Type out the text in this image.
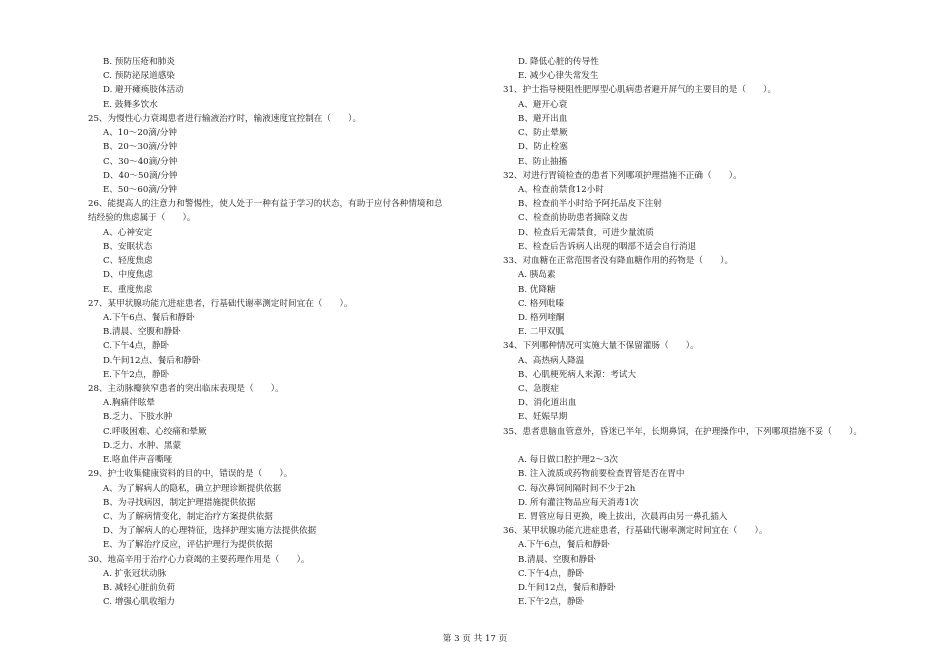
B. 预防压疮和肺炎
C. 预防泌尿道感染
D. 避开瘫痪肢体活动
E. 鼓舞多饮水
25、为慢性心力衰竭患者进行输液治疗时，输液速度宜控制在（　　）。
A、10～20滴/分钟
B、20～30滴/分钟
C、30～40滴/分钟
D、40～50滴/分钟
E、50～60滴/分钟
26、能提高人的注意力和警惕性，使人处于一种有益于学习的状态，有助于应付各种情境和总
结经验的焦虑属于（　　）。
A、心神安定
B、安眠状态
C、轻度焦虑
D、中度焦虑
E、重度焦虑
27、某甲状腺功能亢进症患者，行基础代谢率测定时间宜在（　　）。
A.下午6点、餐后和静卧
B.清晨、空腹和静卧
C.下午4点，静卧
D.午间12点、餐后和静卧
E.下午2点，静卧
28、主动脉瓣狭窄患者的突出临床表现是（　　）。
A.胸痛伴眩晕
B.乏力、下肢水肿
C.呼吸困难、心绞痛和晕厥
D.乏力、水肿、黑蒙
E.咯血伴声音嘶哑
29、护士收集健康资料的目的中，错误的是（　　）。
A、为了解病人的隐私，确立护理诊断提供依据
B、为寻找病因，制定护理措施提供依据
C、为了解病情变化，制定治疗方案提供依据
D、为了解病人的心理特征，选择护理实施方法提供依据
E、为了解治疗反应，评估护理行为提供依据
30、地高辛用于治疗心力衰竭的主要药理作用是（　　）。
A. 扩张冠状动脉
B. 减轻心脏前负荷
C. 增强心肌收缩力
D. 降低心脏的传导性
E. 减少心律失常发生
31、护士指导梗阻性肥厚型心肌病患者避开屏气的主要目的是（　　）。
A、避开心衰
B、避开出血
C、防止晕厥
D、防止栓塞
E、防止抽搐
32、对进行胃镜检查的患者下列哪项护理措施不正确（　　）。
A、检查前禁食12小时
B、检查前半小时给予阿托品皮下注射
C、检查前协助患者摘除义齿
D、检查后无需禁食，可进少量流质
E、检查后告诉病人出现的咽部不适会自行消退
33、对血糖在正常范围者没有降血糖作用的药物是（　　）。
A. 胰岛素
B. 优降糖
C. 格列吡嗪
D. 格列喹酮
E. 二甲双胍
34、下列哪种情况可实施大量不保留灌肠（　　）。
A、高热病人降温
B、心肌梗死病人来源：考试大
C、急腹症
D、消化道出血
E、妊娠早期
35、患者患脑血管意外，昏迷已半年，长期鼻饲，在护理操作中，下列哪项措施不妥（　　）。
A. 每日做口腔护理2～3次
B. 注入流质或药物前要检查胃管是否在胃中
C. 每次鼻饲间隔时间不少于2h
D. 所有灌注物品应每天消毒1次
E. 胃管应每日更换，晚上拔出，次晨再由另一鼻孔插入
36、某甲状腺功能亢进症患者，行基础代谢率测定时间宜在（　　）。
A.下午6点，餐后和静卧
B.清晨、空腹和静卧
C.下午4点，静卧
D.午间12点，餐后和静卧
E.下午2点，静卧
第 3 页 共 17 页
